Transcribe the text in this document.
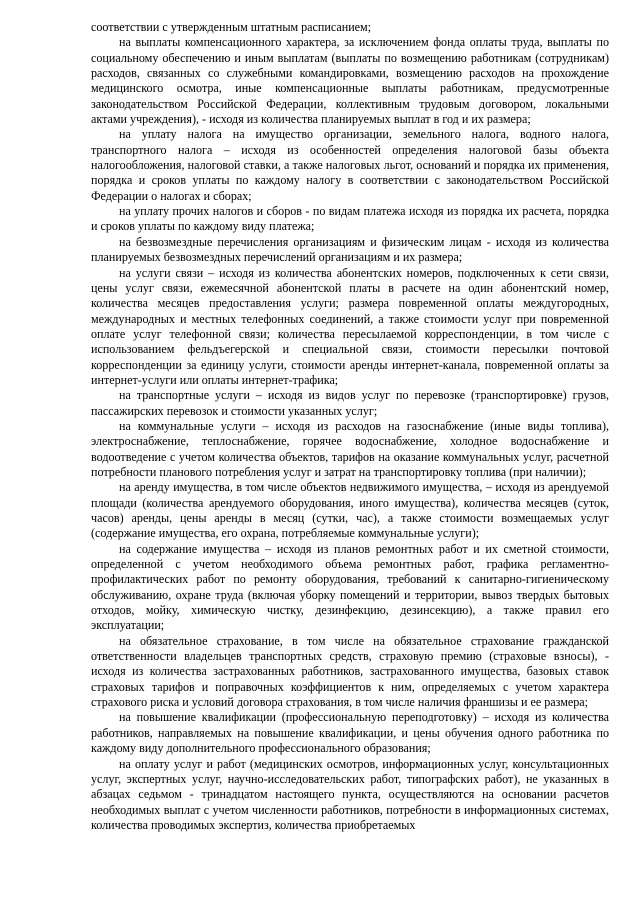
соответствии с утвержденным штатным расписанием;

на выплаты компенсационного характера, за исключением фонда оплаты труда, выплаты по социальному обеспечению и иным выплатам (выплаты по возмещению работникам (сотрудникам) расходов, связанных со служебными командировками, возмещению расходов на прохождение медицинского осмотра, иные компенсационные выплаты работникам, предусмотренные законодательством Российской Федерации, коллективным трудовым договором, локальными актами учреждения), - исходя из количества планируемых выплат в год и их размера;

на уплату налога на имущество организации, земельного налога, водного налога, транспортного налога – исходя из особенностей определения налоговой базы объекта налогообложения, налоговой ставки, а также налоговых льгот, оснований и порядка их применения, порядка и сроков уплаты по каждому налогу в соответствии с законодательством Российской Федерации о налогах и сборах;

на уплату прочих налогов и сборов - по видам платежа исходя из порядка их расчета, порядка и сроков уплаты по каждому виду платежа;

на безвозмездные перечисления организациям и физическим лицам - исходя из количества планируемых безвозмездных перечислений организациям и их размера;

на услуги связи – исходя из количества абонентских номеров, подключенных к сети связи, цены услуг связи, ежемесячной абонентской платы в расчете на один абонентский номер, количества месяцев предоставления услуги; размера повременной оплаты междугородных, международных и местных телефонных соединений, а также стоимости услуг при повременной оплате услуг телефонной связи; количества пересылаемой корреспонденции, в том числе с использованием фельдъегерской и специальной связи, стоимости пересылки почтовой корреспонденции за единицу услуги, стоимости аренды интернет-канала, повременной оплаты за интернет-услуги или оплаты интернет-трафика;

на транспортные услуги – исходя из видов услуг по перевозке (транспортировке) грузов, пассажирских перевозок и стоимости указанных услуг;

на коммунальные услуги – исходя из расходов на газоснабжение (иные виды топлива), электроснабжение, теплоснабжение, горячее водоснабжение, холодное водоснабжение и водоотведение с учетом количества объектов, тарифов на оказание коммунальных услуг, расчетной потребности планового потребления услуг и затрат на транспортировку топлива (при наличии);

на аренду имущества, в том числе объектов недвижимого имущества, – исходя из арендуемой площади (количества арендуемого оборудования, иного имущества), количества месяцев (суток, часов) аренды, цены аренды в месяц (сутки, час), а также стоимости возмещаемых услуг (содержание имущества, его охрана, потребляемые коммунальные услуги);

на содержание имущества – исходя из планов ремонтных работ и их сметной стоимости, определенной с учетом необходимого объема ремонтных работ, графика регламентно-профилактических работ по ремонту оборудования, требований к санитарно-гигиеническому обслуживанию, охране труда (включая уборку помещений и территории, вывоз твердых бытовых отходов, мойку, химическую чистку, дезинфекцию, дезинсекцию), а также правил его эксплуатации;

на обязательное страхование, в том числе на обязательное страхование гражданской ответственности владельцев транспортных средств, страховую премию (страховые взносы), - исходя из количества застрахованных работников, застрахованного имущества, базовых ставок страховых тарифов и поправочных коэффициентов к ним, определяемых с учетом характера страхового риска и условий договора страхования, в том числе наличия франшизы и ее размера;

на повышение квалификации (профессиональную переподготовку) – исходя из количества работников, направляемых на повышение квалификации, и цены обучения одного работника по каждому виду дополнительного профессионального образования;

на оплату услуг и работ (медицинских осмотров, информационных услуг, консультационных услуг, экспертных услуг, научно-исследовательских работ, типографских работ), не указанных в абзацах седьмом - тринадцатом настоящего пункта, осуществляются на основании расчетов необходимых выплат с учетом численности работников, потребности в информационных системах, количества проводимых экспертиз, количества приобретаемых
